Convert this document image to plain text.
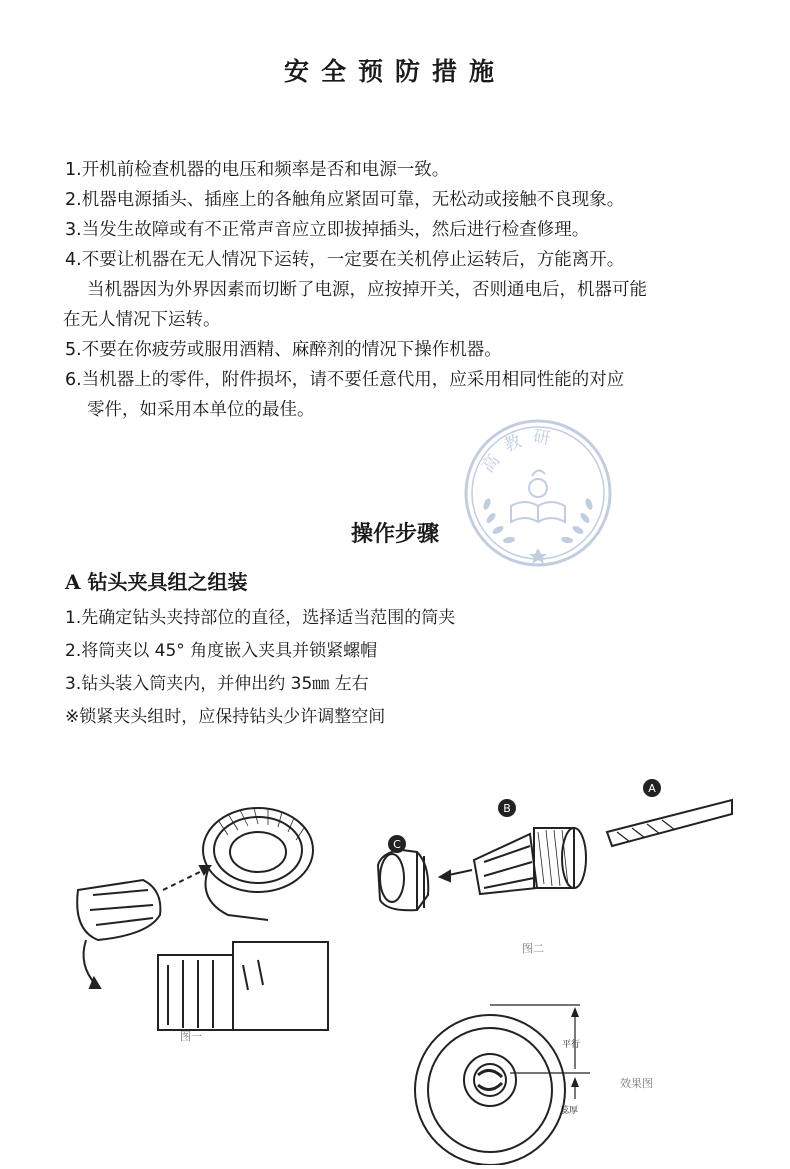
安全预防措施

1.开机前检查机器的电压和频率是否和电源一致。

2.机器电源插头、插座上的各触角应紧固可靠，无松动或接触不良现象。

3.当发生故障或有不正常声音应立即拔掉插头，然后进行检查修理。

4.不要让机器在无人情况下运转，一定要在关机停止运转后，方能离开。

当机器因为外界因素而切断了电源，应按掉开关，否则通电后，机器可能

在无人情况下运转。

5.不要在你疲劳或服用酒精、麻醉剂的情况下操作机器。

6.当机器上的零件，附件损坏，请不要任意代用，应采用相同性能的对应

零件，如采用本单位的最佳。

高教研
操作步骤
A 钻头夹具组之组装

1.先确定钻头夹持部位的直径，选择适当范围的筒夹

2.将筒夹以 45° 角度嵌入夹具并锁紧螺帽

3.钻头装入筒夹内，并伸出约 35㎜ 左右

※锁紧夹头组时，应保持钻头少许调整空间

图一
A
B
C
图二
平行
蕊厚
效果图
